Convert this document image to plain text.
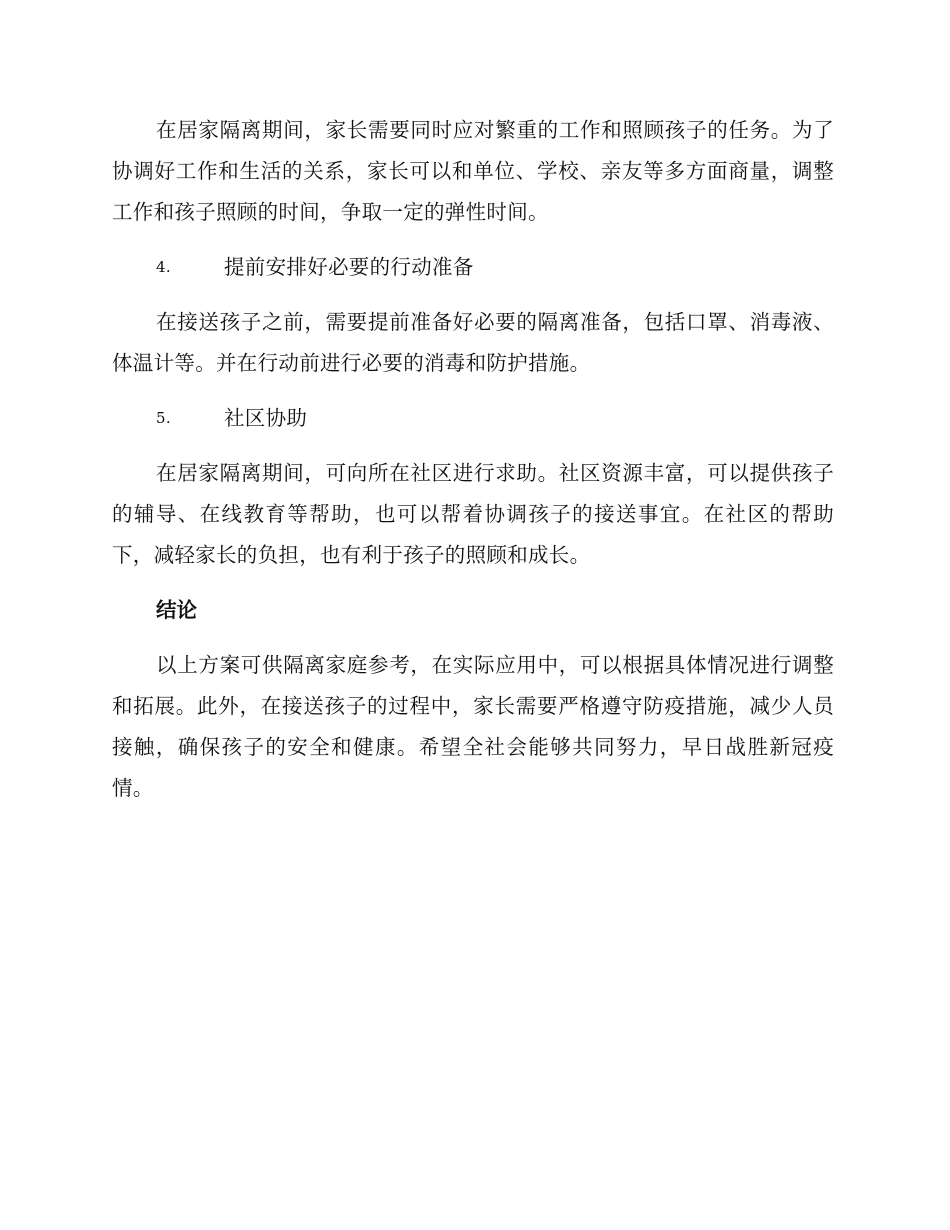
在居家隔离期间，家长需要同时应对繁重的工作和照顾孩子的任务。为了协调好工作和生活的关系，家长可以和单位、学校、亲友等多方面商量，调整工作和孩子照顾的时间，争取一定的弹性时间。

4.	提前安排好必要的行动准备

在接送孩子之前，需要提前准备好必要的隔离准备，包括口罩、消毒液、体温计等。并在行动前进行必要的消毒和防护措施。

5.	社区协助

在居家隔离期间，可向所在社区进行求助。社区资源丰富，可以提供孩子的辅导、在线教育等帮助，也可以帮着协调孩子的接送事宜。在社区的帮助下，减轻家长的负担，也有利于孩子的照顾和成长。

结论

以上方案可供隔离家庭参考，在实际应用中，可以根据具体情况进行调整和拓展。此外，在接送孩子的过程中，家长需要严格遵守防疫措施，减少人员接触，确保孩子的安全和健康。希望全社会能够共同努力，早日战胜新冠疫情。
